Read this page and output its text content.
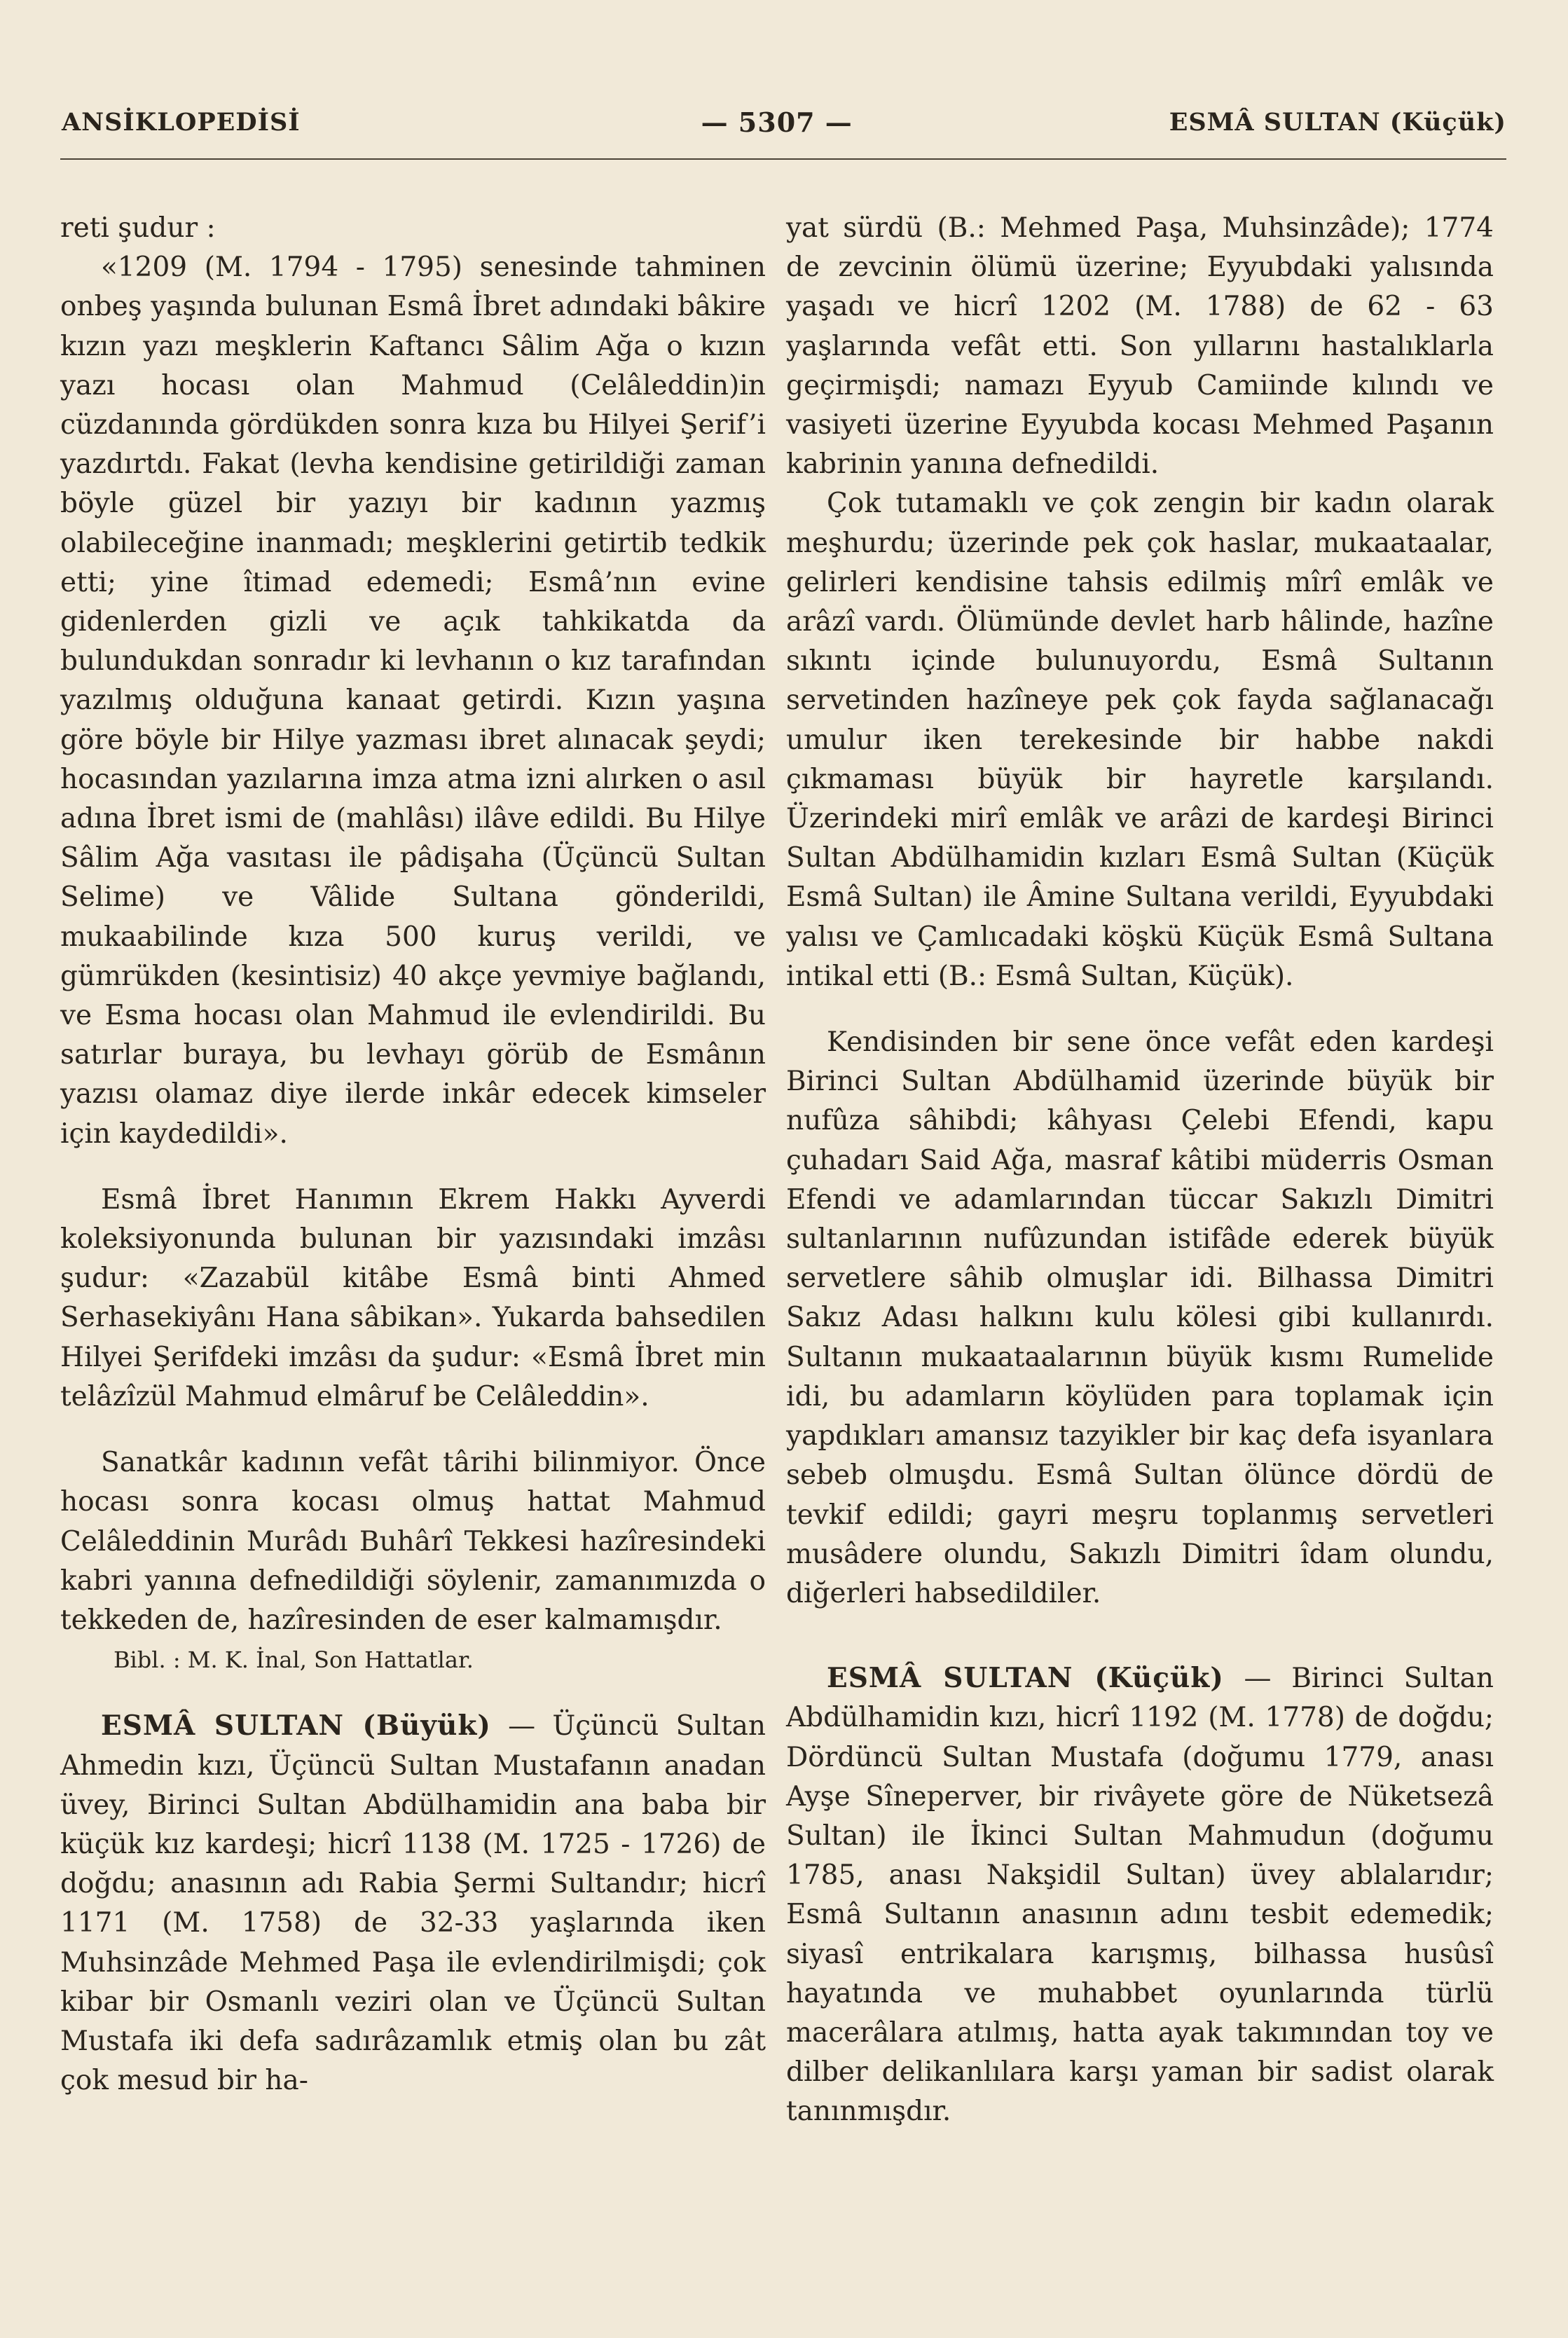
ANSİKLOPEDİSİ	— 5307 —	ESMÂ SULTAN (Küçük)

reti şudur :

«1209 (M. 1794 - 1795) senesinde tahminen onbeş yaşında bulunan Esmâ İbret adındaki bâkire kızın yazı meşklerin Kaftancı Sâlim Ağa o kızın yazı hocası olan Mahmud (Celâleddin)in cüzdanında gördükden sonra kıza bu Hilyei Şerif’i yazdırtdı. Fakat (levha kendisine getirildiği zaman böyle güzel bir yazıyı bir kadının yazmış olabileceğine inanmadı; meşklerini getirtib tedkik etti; yine îtimad edemedi; Esmâ’nın evine gidenlerden gizli ve açık tahkikatda da bulundukdan sonradır ki levhanın o kız tarafından yazılmış olduğuna kanaat getirdi. Kızın yaşına göre böyle bir Hilye yazması ibret alınacak şeydi; hocasından yazılarına imza atma izni alırken o asıl adına İbret ismi de (mahlâsı) ilâve edildi. Bu Hilye Sâlim Ağa vasıtası ile pâdişaha (Üçüncü Sultan Selime) ve Vâlide Sultana gönderildi, mukaabilinde kıza 500 kuruş verildi, ve gümrükden (kesintisiz) 40 akçe yevmiye bağlandı, ve Esma hocası olan Mahmud ile evlendirildi. Bu satırlar buraya, bu levhayı görüb de Esmânın yazısı olamaz diye ilerde inkâr edecek kimseler için kaydedildi».

Esmâ İbret Hanımın Ekrem Hakkı Ayverdi koleksiyonunda bulunan bir yazısındaki imzâsı şudur: «Zazabül kitâbe Esmâ binti Ahmed Serhasekiyânı Hana sâbikan». Yukarda bahsedilen Hilyei Şerifdeki imzâsı da şudur: «Esmâ İbret min telâzîzül Mahmud elmâruf be Celâleddin».

Sanatkâr kadının vefât târihi bilinmiyor. Önce hocası sonra kocası olmuş hattat Mahmud Celâleddinin Murâdı Buhârî Tekkesi hazîresindeki kabri yanına defnedildiği söylenir, zamanımızda o tekkeden de, hazîresinden de eser kalmamışdır.

Bibl. : M. K. İnal, Son Hattatlar.

ESMÂ SULTAN (Büyük) — Üçüncü Sultan Ahmedin kızı, Üçüncü Sultan Mustafanın anadan üvey, Birinci Sultan Abdülhamidin ana baba bir küçük kız kardeşi; hicrî 1138 (M. 1725 - 1726) de doğdu; anasının adı Rabia Şermi Sultandır; hicrî 1171 (M. 1758) de 32-33 yaşlarında iken Muhsinzâde Mehmed Paşa ile evlendirilmişdi; çok kibar bir Osmanlı veziri olan ve Üçüncü Sultan Mustafa iki defa sadırâzamlık etmiş olan bu zât çok mesud bir ha-

yat sürdü (B.: Mehmed Paşa, Muhsinzâde); 1774 de zevcinin ölümü üzerine; Eyyubdaki yalısında yaşadı ve hicrî 1202 (M. 1788) de 62 - 63 yaşlarında vefât etti. Son yıllarını hastalıklarla geçirmişdi; namazı Eyyub Camiinde kılındı ve vasiyeti üzerine Eyyubda kocası Mehmed Paşanın kabrinin yanına defnedildi.

Çok tutamaklı ve çok zengin bir kadın olarak meşhurdu; üzerinde pek çok haslar, mukaataalar, gelirleri kendisine tahsis edilmiş mîrî emlâk ve arâzî vardı. Ölümünde devlet harb hâlinde, hazîne sıkıntı içinde bulunuyordu, Esmâ Sultanın servetinden hazîneye pek çok fayda sağlanacağı umulur iken terekesinde bir habbe nakdi çıkmaması büyük bir hayretle karşılandı. Üzerindeki mirî emlâk ve arâzi de kardeşi Birinci Sultan Abdülhamidin kızları Esmâ Sultan (Küçük Esmâ Sultan) ile Âmine Sultana verildi, Eyyubdaki yalısı ve Çamlıcadaki köşkü Küçük Esmâ Sultana intikal etti (B.: Esmâ Sultan, Küçük).

Kendisinden bir sene önce vefât eden kardeşi Birinci Sultan Abdülhamid üzerinde büyük bir nufûza sâhibdi; kâhyası Çelebi Efendi, kapu çuhadarı Said Ağa, masraf kâtibi müderris Osman Efendi ve adamlarından tüccar Sakızlı Dimitri sultanlarının nufûzundan istifâde ederek büyük servetlere sâhib olmuşlar idi. Bilhassa Dimitri Sakız Adası halkını kulu kölesi gibi kullanırdı. Sultanın mukaataalarının büyük kısmı Rumelide idi, bu adamların köylüden para toplamak için yapdıkları amansız tazyikler bir kaç defa isyanlara sebeb olmuşdu. Esmâ Sultan ölünce dördü de tevkif edildi; gayri meşru toplanmış servetleri musâdere olundu, Sakızlı Dimitri îdam olundu, diğerleri habsedildiler.

ESMÂ SULTAN (Küçük) — Birinci Sultan Abdülhamidin kızı, hicrî 1192 (M. 1778) de doğdu; Dördüncü Sultan Mustafa (doğumu 1779, anası Ayşe Sîneperver, bir rivâyete göre de Nüketsezâ Sultan) ile İkinci Sultan Mahmudun (doğumu 1785, anası Nakşidil Sultan) üvey ablalarıdır; Esmâ Sultanın anasının adını tesbit edemedik; siyasî entrikalara karışmış, bilhassa husûsî hayatında ve muhabbet oyunlarında türlü macerâlara atılmış, hatta ayak takımından toy ve dilber delikanlılara karşı yaman bir sadist olarak tanınmışdır.
